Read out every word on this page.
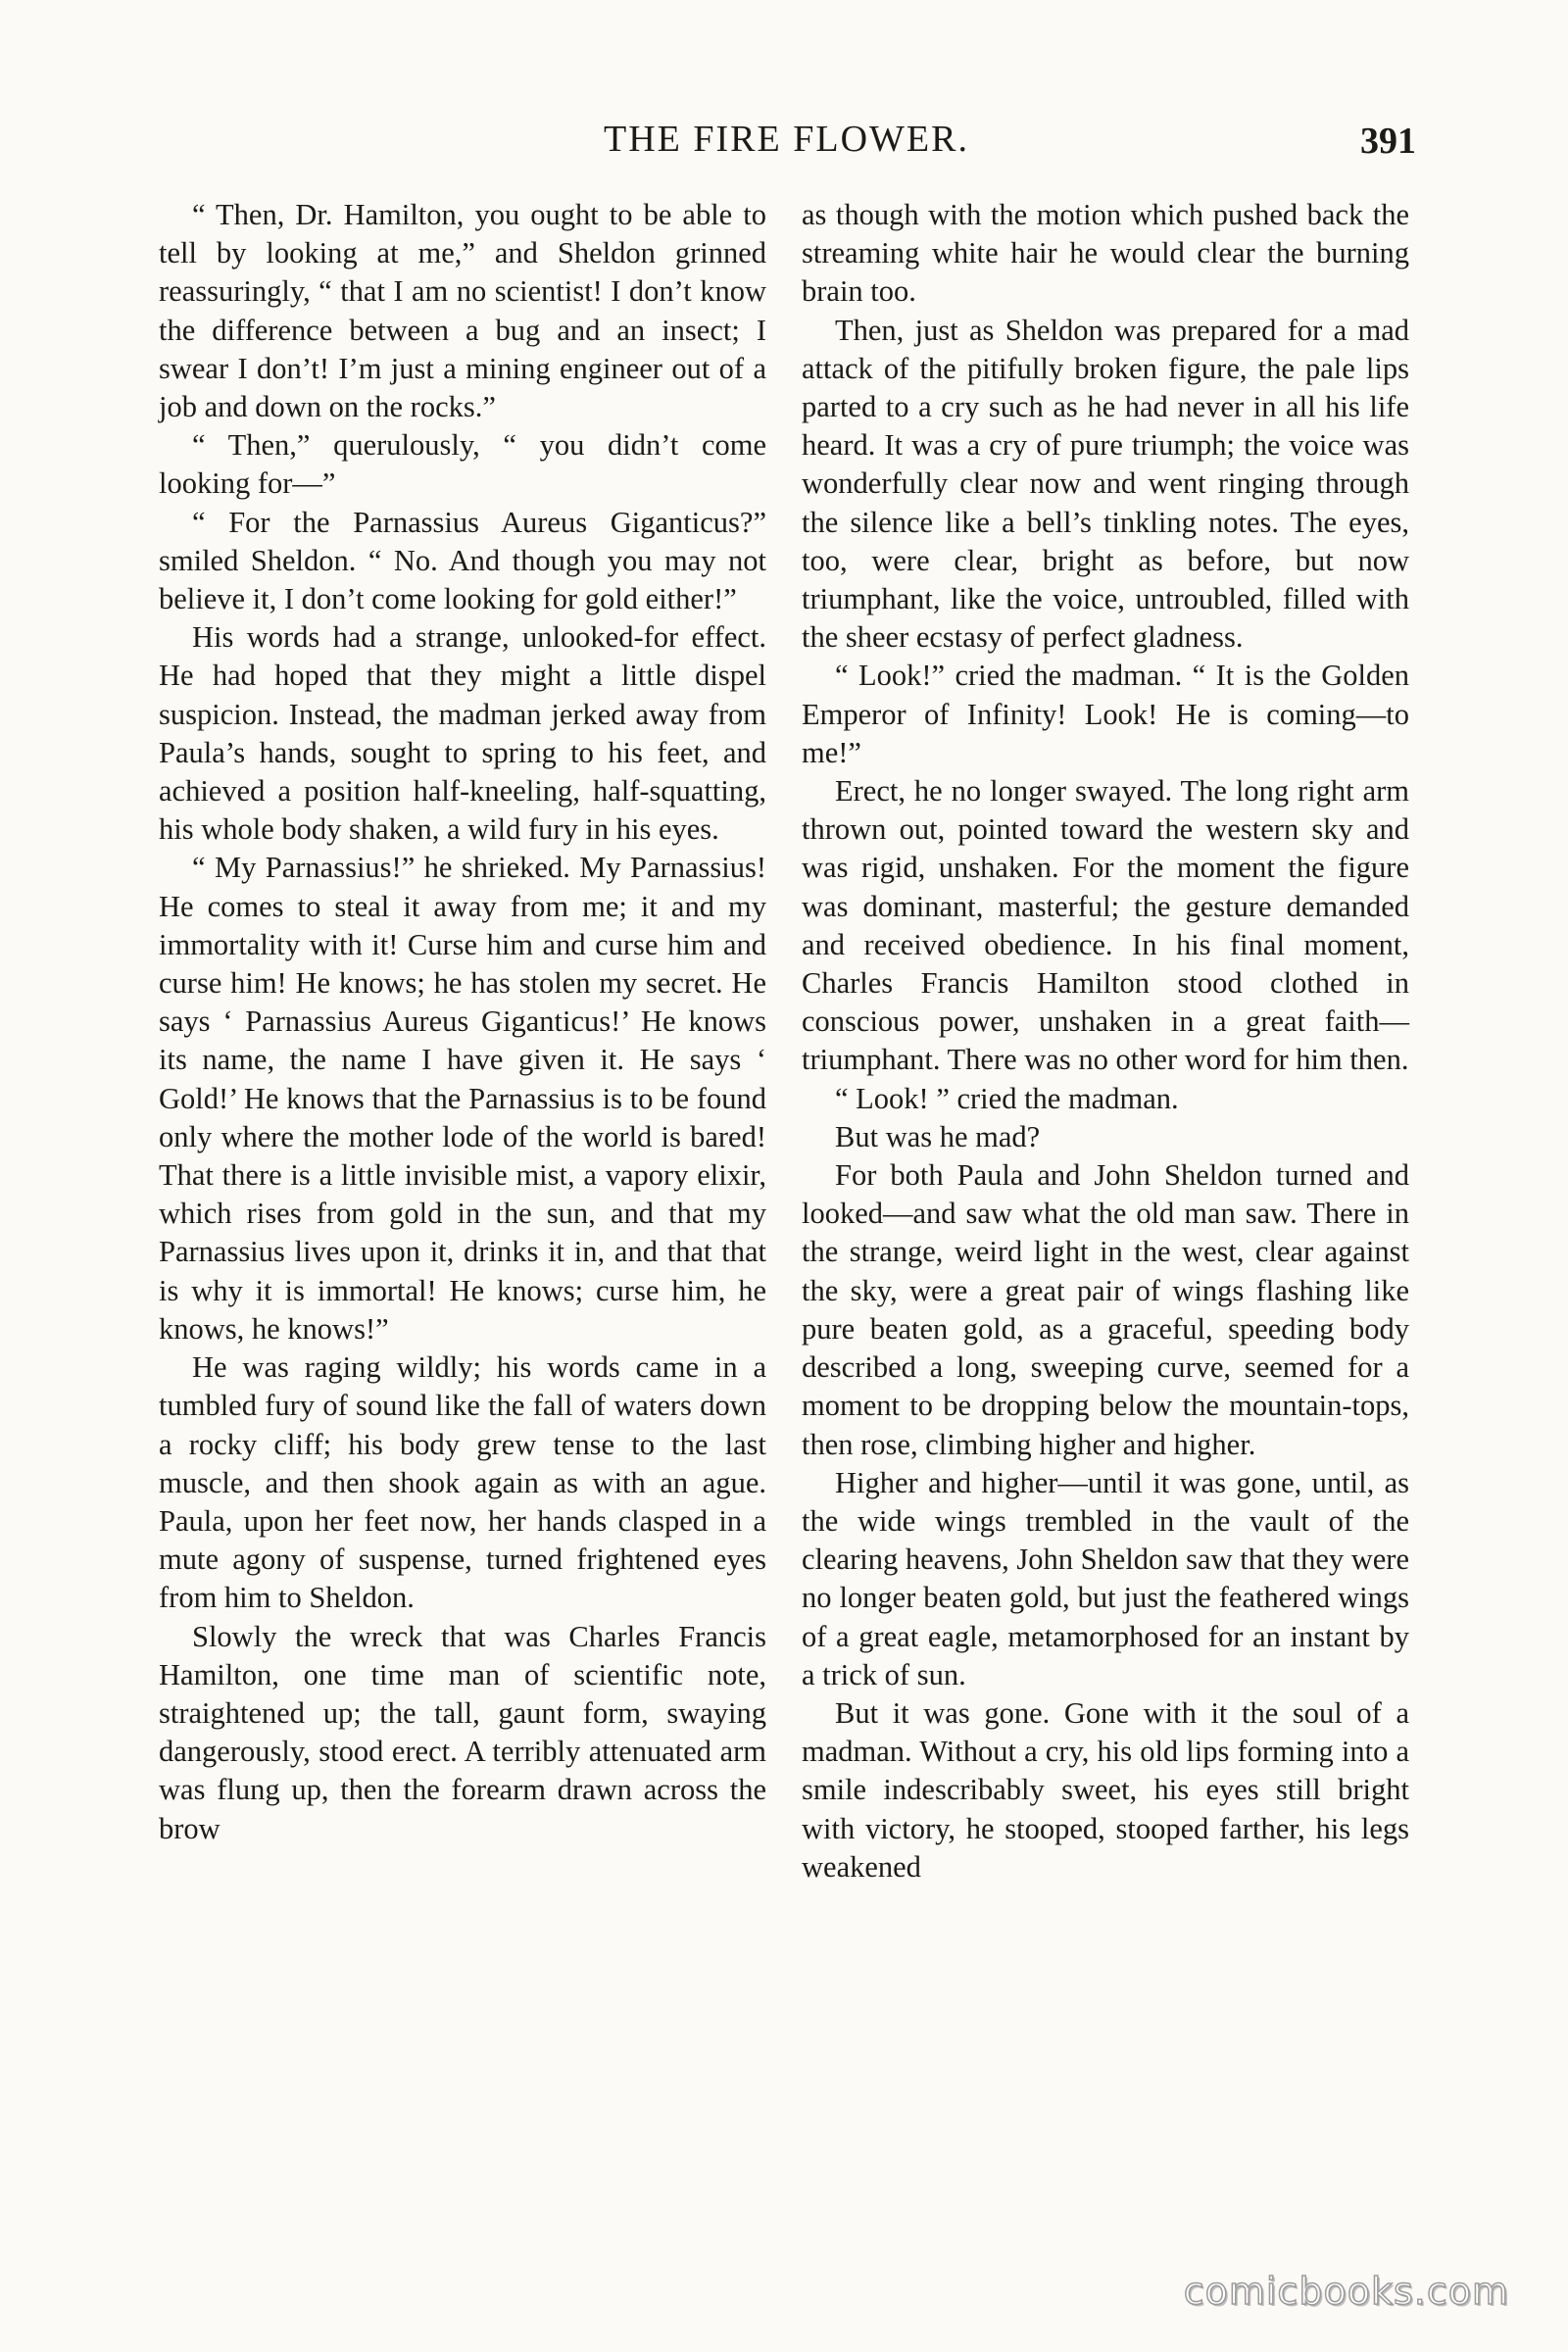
THE FIRE FLOWER.	391

“ Then, Dr. Hamilton, you ought to be able to tell by looking at me,” and Sheldon grinned reassuringly, “ that I am no scientist! I don’t know the difference between a bug and an insect; I swear I don’t! I’m just a mining engineer out of a job and down on the rocks.”

“ Then,” querulously, “ you didn’t come looking for—”

“ For the Parnassius Aureus Giganticus?” smiled Sheldon. “ No. And though you may not believe it, I don’t come looking for gold either!”

His words had a strange, unlooked-for effect. He had hoped that they might a little dispel suspicion. Instead, the madman jerked away from Paula’s hands, sought to spring to his feet, and achieved a position half-kneeling, half-squatting, his whole body shaken, a wild fury in his eyes.

“ My Parnassius!” he shrieked. My Parnassius! He comes to steal it away from me; it and my immortality with it! Curse him and curse him and curse him! He knows; he has stolen my secret. He says ‘ Parnassius Aureus Giganticus!’ He knows its name, the name I have given it. He says ‘ Gold!’ He knows that the Parnassius is to be found only where the mother lode of the world is bared! That there is a little invisible mist, a vapory elixir, which rises from gold in the sun, and that my Parnassius lives upon it, drinks it in, and that that is why it is immortal! He knows; curse him, he knows, he knows!”

He was raging wildly; his words came in a tumbled fury of sound like the fall of waters down a rocky cliff; his body grew tense to the last muscle, and then shook again as with an ague. Paula, upon her feet now, her hands clasped in a mute agony of suspense, turned frightened eyes from him to Sheldon.

Slowly the wreck that was Charles Francis Hamilton, one time man of scientific note, straightened up; the tall, gaunt form, swaying dangerously, stood erect. A terribly attenuated arm was flung up, then the forearm drawn across the brow

as though with the motion which pushed back the streaming white hair he would clear the burning brain too.

Then, just as Sheldon was prepared for a mad attack of the pitifully broken figure, the pale lips parted to a cry such as he had never in all his life heard. It was a cry of pure triumph; the voice was wonderfully clear now and went ringing through the silence like a bell’s tinkling notes. The eyes, too, were clear, bright as before, but now triumphant, like the voice, untroubled, filled with the sheer ecstasy of perfect gladness.

“ Look!” cried the madman. “ It is the Golden Emperor of Infinity! Look! He is coming—to me!”

Erect, he no longer swayed. The long right arm thrown out, pointed toward the western sky and was rigid, unshaken. For the moment the figure was dominant, masterful; the gesture demanded and received obedience. In his final moment, Charles Francis Hamilton stood clothed in conscious power, unshaken in a great faith—triumphant. There was no other word for him then.

“ Look! ” cried the madman.

But was he mad?

For both Paula and John Sheldon turned and looked—and saw what the old man saw. There in the strange, weird light in the west, clear against the sky, were a great pair of wings flashing like pure beaten gold, as a graceful, speeding body described a long, sweeping curve, seemed for a moment to be dropping below the mountain-tops, then rose, climbing higher and higher.

Higher and higher—until it was gone, until, as the wide wings trembled in the vault of the clearing heavens, John Sheldon saw that they were no longer beaten gold, but just the feathered wings of a great eagle, metamorphosed for an instant by a trick of sun.

But it was gone. Gone with it the soul of a madman. Without a cry, his old lips forming into a smile indescribably sweet, his eyes still bright with victory, he stooped, stooped farther, his legs weakened

comicbooks.com
